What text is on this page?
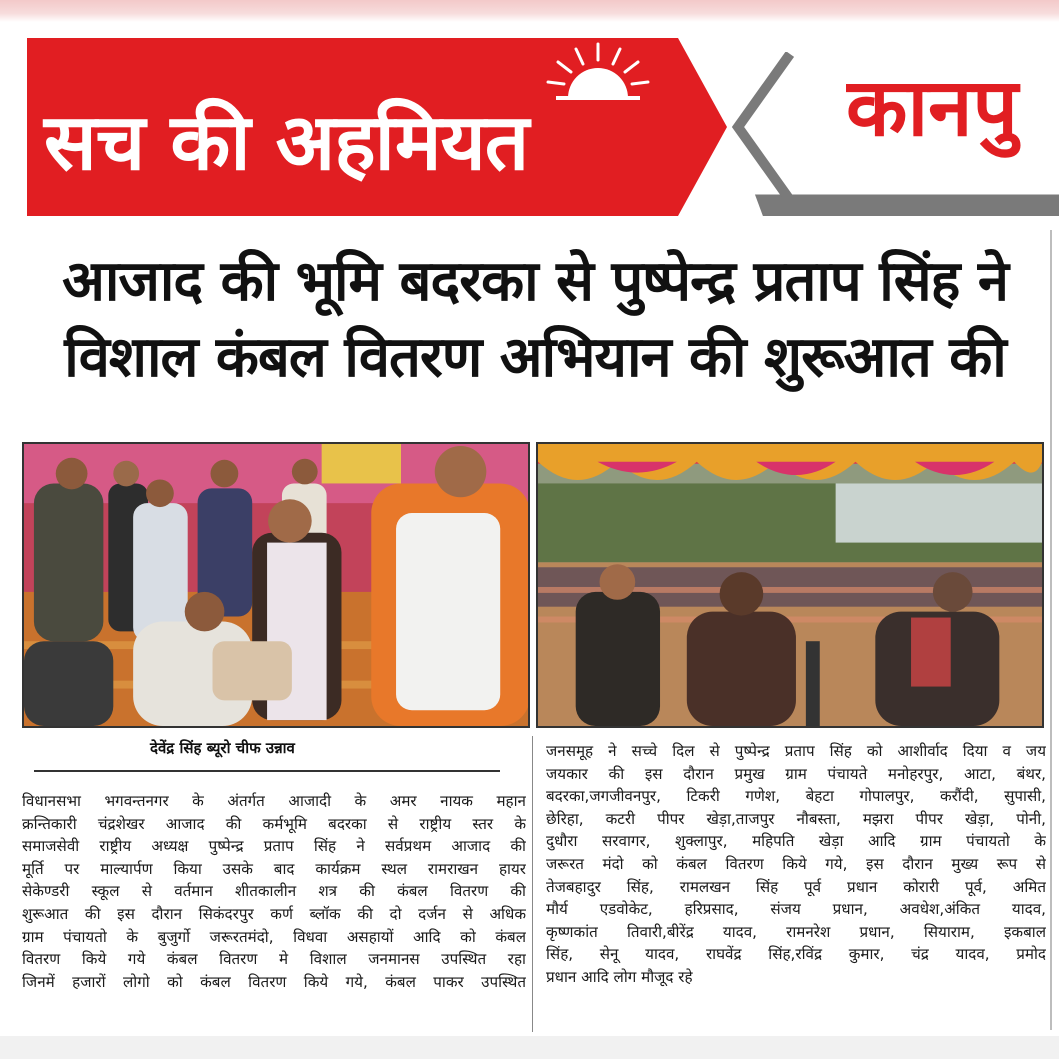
सच की अहमियत	कानपु
आजाद की भूमि बदरका से पुष्पेन्द्र प्रताप सिंह ने
विशाल कंबल वितरण अभियान की शुरूआत की
देवेंद्र सिंह ब्यूरो चीफ उन्नाव
विधानसभा भगवन्तनगर के अंतर्गत आजादी के अमर नायक महान
क्रन्तिकारी चंद्रशेखर आजाद की कर्मभूमि बदरका से राष्ट्रीय स्तर के
समाजसेवी राष्ट्रीय अध्यक्ष पुष्पेन्द्र प्रताप सिंह ने सर्वप्रथम आजाद की
मूर्ति पर माल्यार्पण किया उसके बाद कार्यक्रम स्थल रामराखन हायर
सेकेण्डरी स्कूल से वर्तमान शीतकालीन शत्र की कंबल वितरण की
शुरूआत की इस दौरान सिकंदरपुर कर्ण ब्लॉक की दो दर्जन से अधिक
ग्राम पंचायतो के बुजुर्गो जरूरतमंदो, विधवा असहायों आदि को कंबल
वितरण किये गये कंबल वितरण मे विशाल जनमानस उपस्थित रहा
जिनमें हजारों लोगो को कंबल वितरण किये गये, कंबल पाकर उपस्थित
जनसमूह ने सच्चे दिल से पुष्पेन्द्र प्रताप सिंह को आशीर्वाद दिया व जय
जयकार की इस दौरान प्रमुख ग्राम पंचायते मनोहरपुर, आटा, बंथर,
बदरका,जगजीवनपुर, टिकरी गणेश, बेहटा गोपालपुर, करौंदी, सुपासी,
छेरिहा, कटरी पीपर खेड़ा,ताजपुर नौबस्ता, मझरा पीपर खेड़ा, पोनी,
दुधौरा सरवागर, शुक्लापुर, महिपति खेड़ा आदि ग्राम पंचायतो के
जरूरत मंदो को कंबल वितरण किये गये, इस दौरान मुख्य रूप से
तेजबहादुर सिंह, रामलखन सिंह पूर्व प्रधान कोरारी पूर्व, अमित
मौर्य एडवोकेट, हरिप्रसाद, संजय प्रधान, अवधेश,अंकित यादव,
कृष्णकांत तिवारी,बीरेंद्र यादव, रामनरेश प्रधान, सियाराम, इकबाल
सिंह, सेनू यादव, राघवेंद्र सिंह,रविंद्र कुमार, चंद्र यादव, प्रमोद
प्रधान आदि लोग मौजूद रहे
